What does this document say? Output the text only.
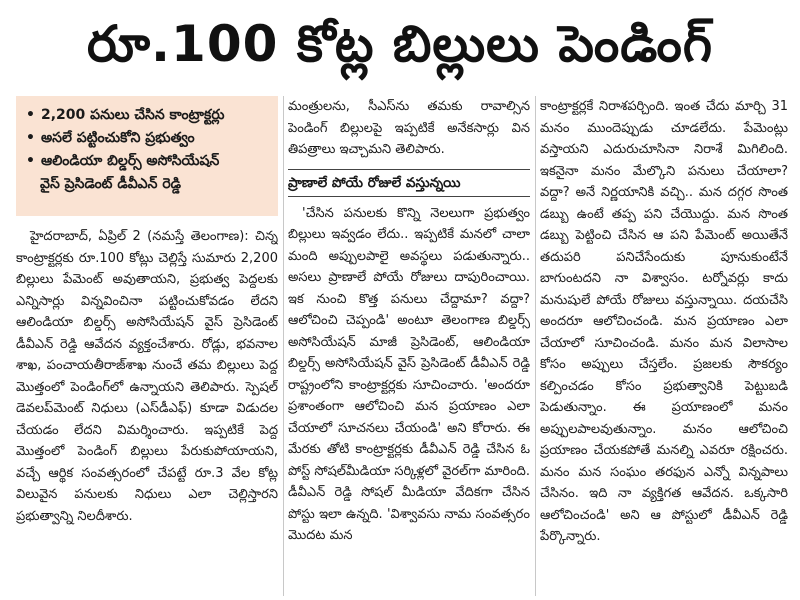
రూ.100 కోట్ల బిల్లులు పెండింగ్
• 2,200 పనులు చేసిన కాంట్రాక్టర్లు
• అసలే పట్టించుకోని ప్రభుత్వం
• ఆలిండియా బిల్డర్స్ అసోసియేషన్
వైస్ ప్రెసిడెంట్ డీవీఎన్ రెడ్డి

హైదరాబాద్, ఏప్రిల్ 2 (నమస్తే తెలంగాణ): చిన్న కాంట్రాక్టర్లకు రూ.100 కోట్లు చెల్లిస్తే సుమారు 2,200 బిల్లులు పేమెంట్ అవుతాయని, ప్రభుత్వ పెద్దలకు ఎన్నిసార్లు విన్నవించినా పట్టించుకోవడం లేదని ఆలిండియా బిల్డర్స్ అసోసియేషన్ వైస్ ప్రెసిడెంట్ డీవీఎన్ రెడ్డి ఆవేదన వ్యక్తంచేశారు. రోడ్లు, భవనాల శాఖ, పంచాయతీరాజ్‌శాఖ నుంచే తమ బిల్లులు పెద్ద మొత్తంలో పెండింగ్‌లో ఉన్నాయని తెలిపారు. స్పెషల్ డెవలప్‌మెంట్ నిధులు (ఎస్‌డీఎఫ్) కూడా విడుదల చేయడం లేదని విమర్శించారు. ఇప్పటికే పెద్ద మొత్తంలో పెండింగ్ బిల్లులు పేరుకుపోయాయని, వచ్చే ఆర్థిక సంవత్సరంలో చేపట్టే రూ.3 వేల కోట్ల విలువైన పనులకు నిధులు ఎలా చెల్లిస్తారని ప్రభుత్వాన్ని నిలదీశారు.

మంత్రులను, సీఎస్‌ను తమకు రావాల్సిన పెండింగ్ బిల్లులపై ఇప్పటికే అనేకసార్లు విన తిపత్రాలు ఇచ్చామని తెలిపారు.

ప్రాణాలే పోయే రోజులే వస్తున్నయి

'చేసిన పనులకు కొన్ని నెలలుగా ప్రభుత్వం బిల్లులు ఇవ్వడం లేదు.. ఇప్పటికే మనలో చాలా మంది అప్పులపాలై అవస్థలు పడుతున్నారు.. అసలు ప్రాణాలే పోయే రోజులు దాపురించాయి. ఇక నుంచి కొత్త పనులు చేద్దామా? వద్దా? ఆలోచించి చెప్పండి' అంటూ తెలంగాణ బిల్డర్స్ అసోసియేషన్ మాజీ ప్రెసిడెంట్, ఆలిండియా బిల్డర్స్ అసోసియేషన్ వైస్ ప్రెసిడెంట్ డీవీఎన్ రెడ్డి రాష్ట్రంలోని కాంట్రాక్టర్లకు సూచించారు. 'అందరూ ప్రశాంతంగా ఆలోచించి మన ప్రయాణం ఎలా చేయాలో సూచనలు చేయండి' అని కోరారు. ఈ మేరకు తోటి కాంట్రాక్టర్లకు డీవీఎన్ రెడ్డి చేసిన ఓ పోస్ట్ సోషల్‌మీడియా సర్కిళ్లలో వైరల్‌గా మారింది. డీవీఎన్ రెడ్డి సోషల్ మీడియా వేదికగా చేసిన పోస్టు ఇలా ఉన్నది. 'విశ్వావసు నామ సంవత్సరం మొదట మన

కాంట్రాక్టర్లకే నిరాశపర్చింది. ఇంత చేదు మార్చి 31 మనం ముందెప్పుడు చూడలేదు. పేమెంట్లు వస్తాయని ఎదురుచూసినా నిరాశే మిగిలింది. ఇకనైనా మనం మేల్కొని పనులు చేయాలా? వద్దా? అనే నిర్ణయానికి వచ్చి.. మన దగ్గర సొంత డబ్బు ఉంటే తప్ప పని చేయొద్దు. మన సొంత డబ్బు పెట్టించి చేసిన ఆ పని పేమెంట్ అయితేనే తదుపరి పనిచేసేందుకు పూనుకుంటేనే బాగుంటదని నా విశ్వాసం. టర్నోవర్లు కాదు మనుషులే పోయే రోజులు వస్తున్నాయి. దయచేసి అందరూ ఆలోచించండి. మన ప్రయాణం ఎలా చేయాలో సూచించండి. మనం మన విలాసాల కోసం అప్పులు చేస్తలేం. ప్రజలకు సౌకర్యం కల్పించడం కోసం ప్రభుత్వానికి పెట్టుబడి పెడుతున్నాం. ఈ ప్రయాణంలో మనం అప్పులపాలవుతున్నాం. మనం ఆలోచించి ప్రయాణం చేయకపోతే మనల్ని ఎవరూ రక్షించరు. మనం మన సంఘం తరఫున ఎన్నో విన్నపాలు చేసినం. ఇది నా వ్యక్తిగత ఆవేదన. ఒక్కసారి ఆలోచించండి' అని ఆ పోస్టులో డీవీఎన్ రెడ్డి పేర్కొన్నారు.
